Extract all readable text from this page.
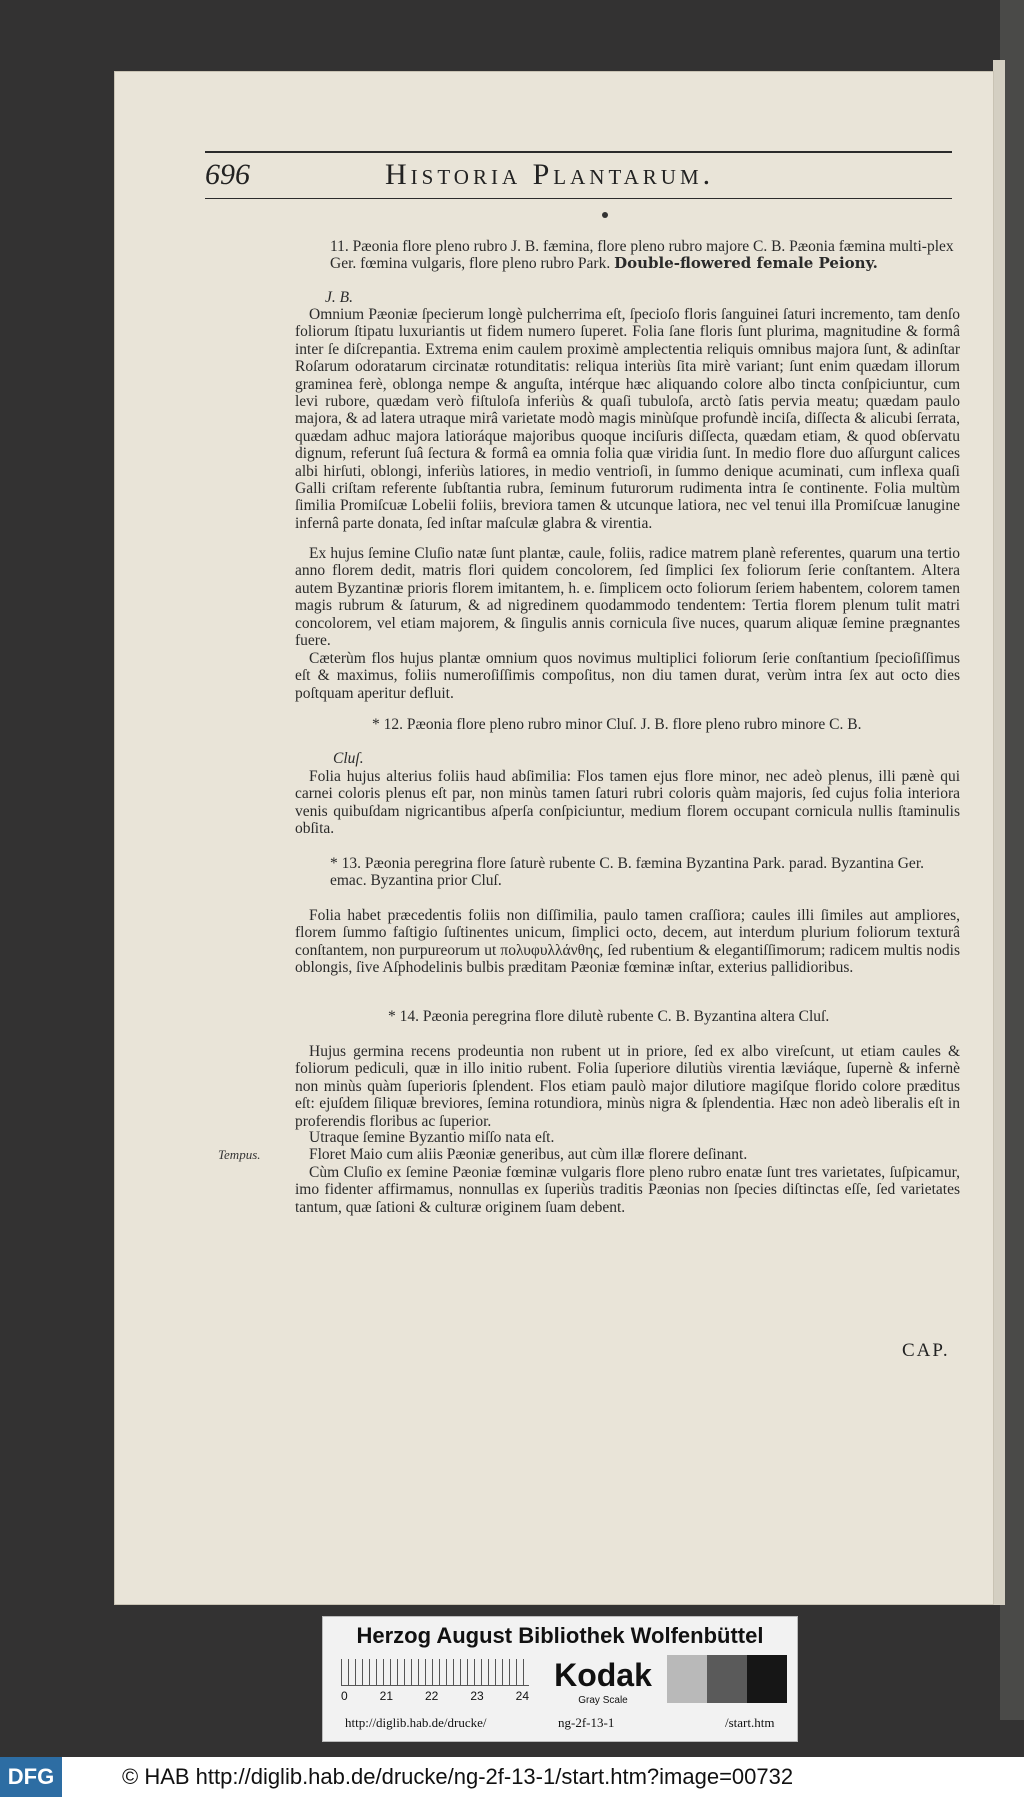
696	Historia Plantarum.
11. Pæonia flore pleno rubro J. B. fæmina, flore pleno rubro majore C. B. Pæonia fæmina multi-plex Ger. fœmina vulgaris, flore pleno rubro Park. Double-flowered female Peiony.
J. B.
Omnium Pæoniæ ſpecierum longè pulcherrima eſt, ſpecioſo floris ſanguinei ſaturi incremento, tam denſo foliorum ſtipatu luxuriantis ut fidem numero ſuperet. Folia ſane floris ſunt plurima, magnitudine & formâ inter ſe diſcrepantia. Extrema enim caulem proximè amplectentia reliquis omnibus majora ſunt, & adinſtar Roſarum odoratarum circinatæ rotunditatis: reliqua interiùs ſita mirè variant; ſunt enim quædam illorum graminea ferè, oblonga nempe & anguſta, intérque hæc aliquando colore albo tincta conſpiciuntur, cum levi rubore, quædam verò fiſtuloſa inferiùs & quaſi tubuloſa, arctò ſatis pervia meatu; quædam paulo majora, & ad latera utraque mirâ varietate modò magis minùſque profundè inciſa, diſſecta & alicubi ſerrata, quædam adhuc majora latioráque majoribus quoque inciſuris diſſecta, quædam etiam, & quod obſervatu dignum, referunt ſuâ ſectura & formâ ea omnia folia quæ viridia ſunt. In medio flore duo aſſurgunt calices albi hirſuti, oblongi, inferiùs latiores, in medio ventrioſi, in ſummo denique acuminati, cum inflexa quaſi Galli criſtam referente ſubſtantia rubra, ſeminum futurorum rudimenta intra ſe continente. Folia multùm ſimilia Promiſcuæ Lobelii foliis, breviora tamen & utcunque latiora, nec vel tenui illa Promiſcuæ lanugine infernâ parte donata, ſed inſtar maſculæ glabra & virentia.
Ex hujus ſemine Cluſio natæ ſunt plantæ, caule, foliis, radice matrem planè referentes, quarum una tertio anno florem dedit, matris flori quidem concolorem, ſed ſimplici ſex foliorum ſerie conſtantem. Altera autem Byzantinæ prioris florem imitantem, h. e. ſimplicem octo foliorum ſeriem habentem, colorem tamen magis rubrum & ſaturum, & ad nigredinem quodammodo tendentem: Tertia florem plenum tulit matri concolorem, vel etiam majorem, & ſingulis annis cornicula ſive nuces, quarum aliquæ ſemine prægnantes fuere.
Cæterùm flos hujus plantæ omnium quos novimus multiplici foliorum ſerie conſtantium ſpecioſiſſimus eſt & maximus, foliis numeroſiſſimis compoſitus, non diu tamen durat, verùm intra ſex aut octo dies poſtquam aperitur defluit.
* 12. Pæonia flore pleno rubro minor Cluſ. J. B. flore pleno rubro minore C. B.
Cluſ.
Folia hujus alterius foliis haud abſimilia: Flos tamen ejus flore minor, nec adeò plenus, illi pænè qui carnei coloris plenus eſt par, non minùs tamen ſaturi rubri coloris quàm majoris, ſed cujus folia interiora venis quibuſdam nigricantibus aſperſa conſpiciuntur, medium florem occupant cornicula nullis ſtaminulis obſita.
* 13. Pæonia peregrina flore ſaturè rubente C. B. fæmina Byzantina Park. parad. Byzantina Ger. emac. Byzantina prior Cluſ.
Folia habet præcedentis foliis non diſſimilia, paulo tamen craſſiora; caules illi ſimiles aut ampliores, florem ſummo faſtigio ſuſtinentes unicum, ſimplici octo, decem, aut interdum plurium foliorum texturâ conſtantem, non purpureorum ut πολυφυλλάνθης, ſed rubentium & elegantiſſimorum; radicem multis nodis oblongis, ſive Aſphodelinis bulbis præditam Pæoniæ fœminæ inſtar, exterius pallidioribus.
* 14. Pæonia peregrina flore dilutè rubente C. B. Byzantina altera Cluſ.
Hujus germina recens prodeuntia non rubent ut in priore, ſed ex albo vireſcunt, ut etiam caules & foliorum pediculi, quæ in illo initio rubent. Folia ſuperiore dilutiùs virentia læviáque, ſupernè & infernè non minùs quàm ſuperioris ſplendent. Flos etiam paulò major dilutiore magiſque florido colore præditus eſt: ejuſdem ſiliquæ breviores, ſemina rotundiora, minùs nigra & ſplendentia. Hæc non adeò liberalis eſt in proferendis floribus ac ſuperior.
Utraque ſemine Byzantio miſſo nata eſt.
Tempus.	Floret Maio cum aliis Pæoniæ generibus, aut cùm illæ florere deſinant.
Cùm Cluſio ex ſemine Pæoniæ fœminæ vulgaris flore pleno rubro enatæ ſunt tres varietates, ſuſpicamur, imo fidenter affirmamus, nonnullas ex ſuperiùs traditis Pæonias non ſpecies diſtinctas eſſe, ſed varietates tantum, quæ ſationi & culturæ originem ſuam debent.
CAP.
Herzog August Bibliothek Wolfenbüttel
0	21	22	23	24
Kodak
Gray Scale
http://diglib.hab.de/drucke/	ng-2f-13-1	/start.htm
DFG	© HAB http://diglib.hab.de/drucke/ng-2f-13-1/start.htm?image=00732
